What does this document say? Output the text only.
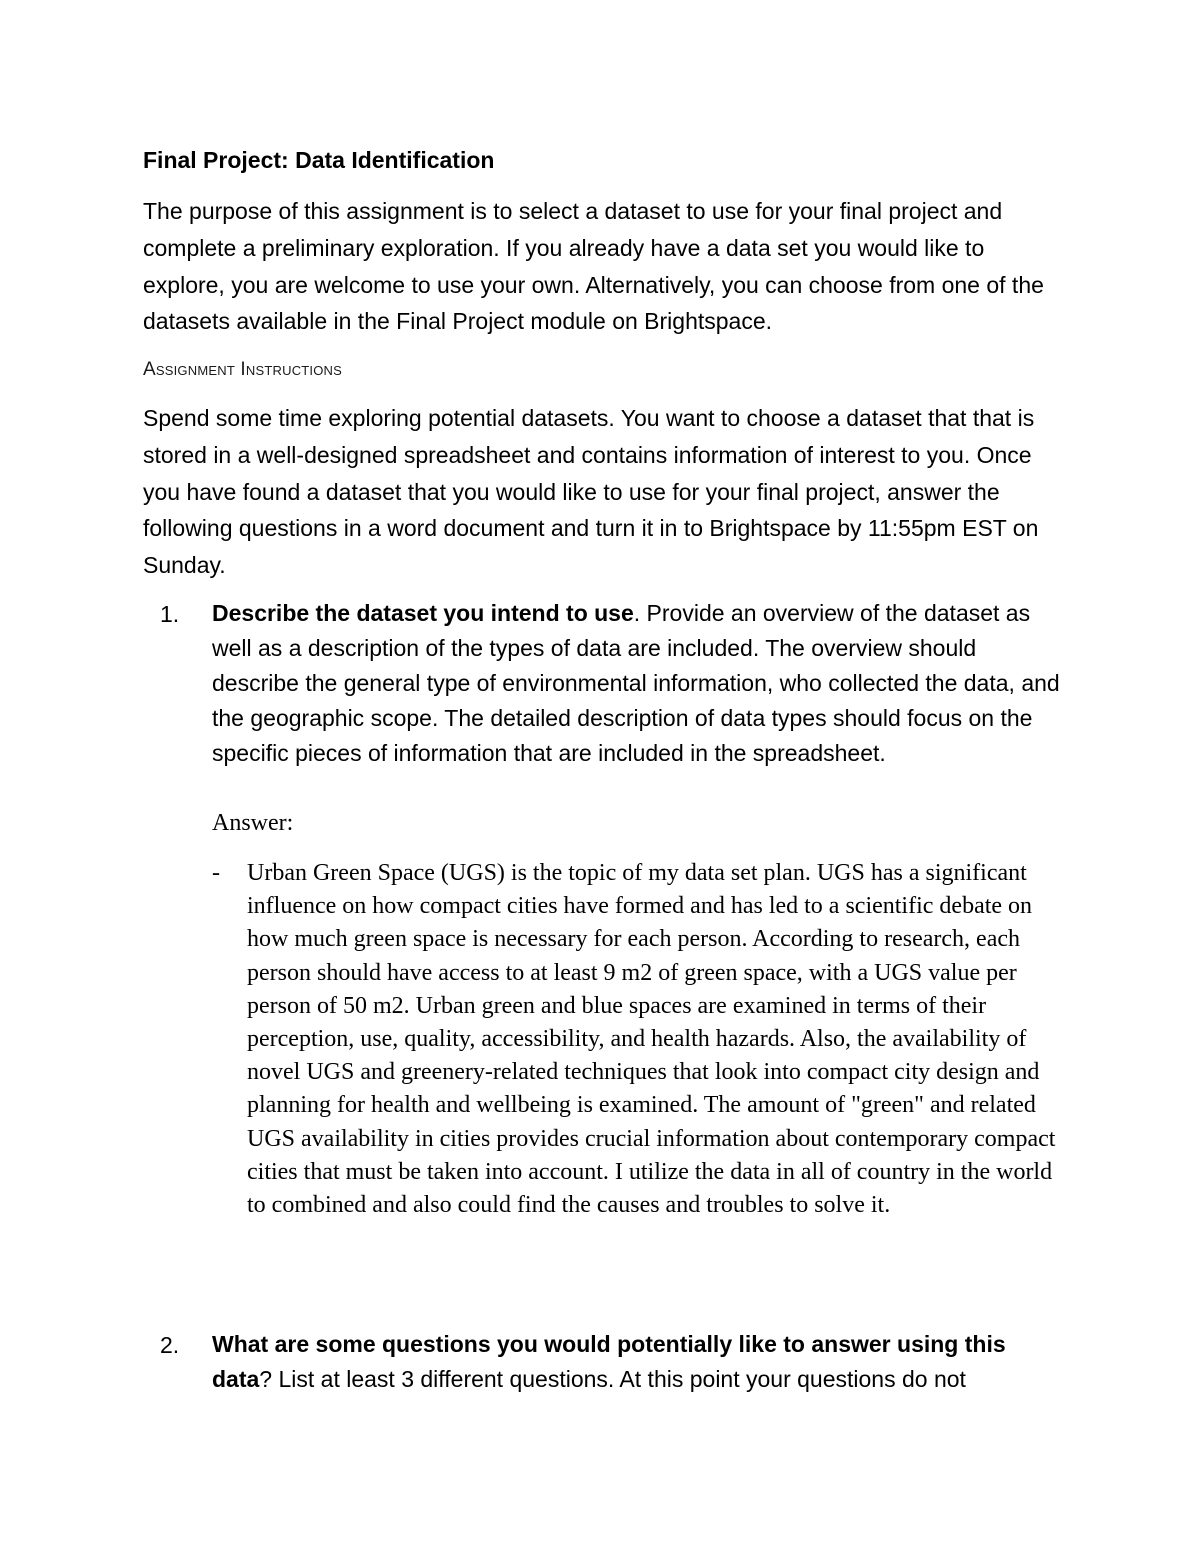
Final Project: Data Identification

The purpose of this assignment is to select a dataset to use for your final project and complete a preliminary exploration. If you already have a data set you would like to explore, you are welcome to use your own. Alternatively, you can choose from one of the datasets available in the Final Project module on Brightspace.

Assignment Instructions

Spend some time exploring potential datasets. You want to choose a dataset that that is stored in a well-designed spreadsheet and contains information of interest to you. Once you have found a dataset that you would like to use for your final project, answer the following questions in a word document and turn it in to Brightspace by 11:55pm EST on Sunday.

1. Describe the dataset you intend to use. Provide an overview of the dataset as well as a description of the types of data are included. The overview should describe the general type of environmental information, who collected the data, and the geographic scope. The detailed description of data types should focus on the specific pieces of information that are included in the spreadsheet.
Answer:
- Urban Green Space (UGS) is the topic of my data set plan. UGS has a significant influence on how compact cities have formed and has led to a scientific debate on how much green space is necessary for each person. According to research, each person should have access to at least 9 m2 of green space, with a UGS value per person of 50 m2. Urban green and blue spaces are examined in terms of their perception, use, quality, accessibility, and health hazards. Also, the availability of novel UGS and greenery-related techniques that look into compact city design and planning for health and wellbeing is examined. The amount of "green" and related UGS availability in cities provides crucial information about contemporary compact cities that must be taken into account. I utilize the data in all of country in the world to combined and also could find the causes and troubles to solve it.
2. What are some questions you would potentially like to answer using this data? List at least 3 different questions. At this point your questions do not
